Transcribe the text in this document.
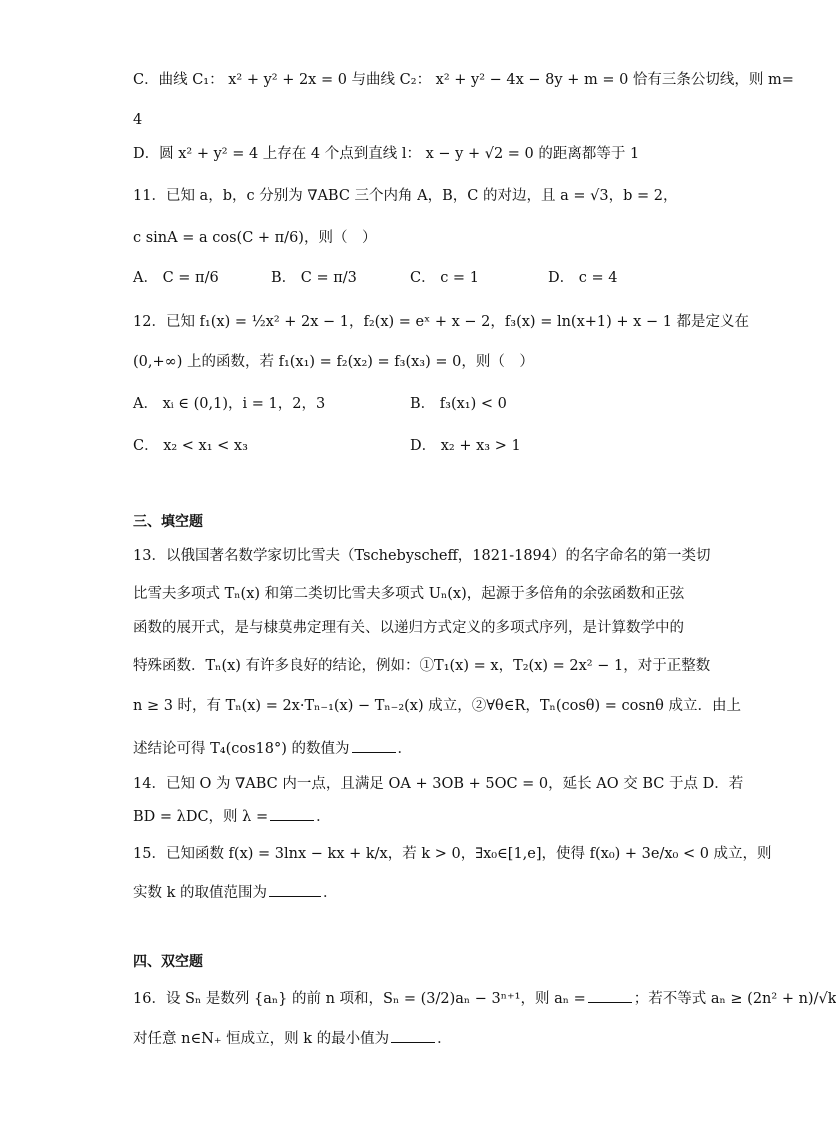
C．曲线 C₁： x² + y² + 2x = 0 与曲线 C₂： x² + y² − 4x − 8y + m = 0 恰有三条公切线，则 m=
4
D．圆 x² + y² = 4 上存在 4 个点到直线 l： x − y + √2 = 0 的距离都等于 1
11．已知 a，b，c 分别为 ∇ABC 三个内角 A，B，C 的对边，且 a = √3，b = 2，
c sinA = a cos(C + π/6)，则（　）
A． C = π/6	B． C = π/3	C． c = 1	D． c = 4
12．已知 f₁(x) = ½x² + 2x − 1，f₂(x) = eˣ + x − 2，f₃(x) = ln(x+1) + x − 1 都是定义在
(0,+∞) 上的函数，若 f₁(x₁) = f₂(x₂) = f₃(x₃) = 0，则（　）
A． xᵢ ∈ (0,1)，i = 1，2，3	B． f₃(x₁) < 0
C． x₂ < x₁ < x₃	D． x₂ + x₃ > 1
三、填空题
13．以俄国著名数学家切比雪夫（Tschebyscheff，1821-1894）的名字命名的第一类切
比雪夫多项式 Tₙ(x) 和第二类切比雪夫多项式 Uₙ(x)，起源于多倍角的余弦函数和正弦
函数的展开式，是与棣莫弗定理有关、以递归方式定义的多项式序列，是计算数学中的
特殊函数．Tₙ(x) 有许多良好的结论，例如：①T₁(x) = x，T₂(x) = 2x² − 1，对于正整数
n ≥ 3 时，有 Tₙ(x) = 2x·Tₙ₋₁(x) − Tₙ₋₂(x) 成立，②∀θ∈R，Tₙ(cosθ) = cosnθ 成立．由上
述结论可得 T₄(cos18°) 的数值为	．
14．已知 O 为 ∇ABC 内一点，且满足 OA + 3OB + 5OC = 0，延长 AO 交 BC 于点 D．若
BD = λDC，则 λ =	．
15．已知函数 f(x) = 3lnx − kx + k/x，若 k > 0，∃x₀∈[1,e]，使得 f(x₀) + 3e/x₀ < 0 成立，则
实数 k 的取值范围为	．
四、双空题
16．设 Sₙ 是数列 {aₙ} 的前 n 项和，Sₙ = (3/2)aₙ − 3ⁿ⁺¹，则 aₙ =	；若不等式 aₙ ≥ (2n² + n)/√k
对任意 n∈N₊ 恒成立，则 k 的最小值为	．
